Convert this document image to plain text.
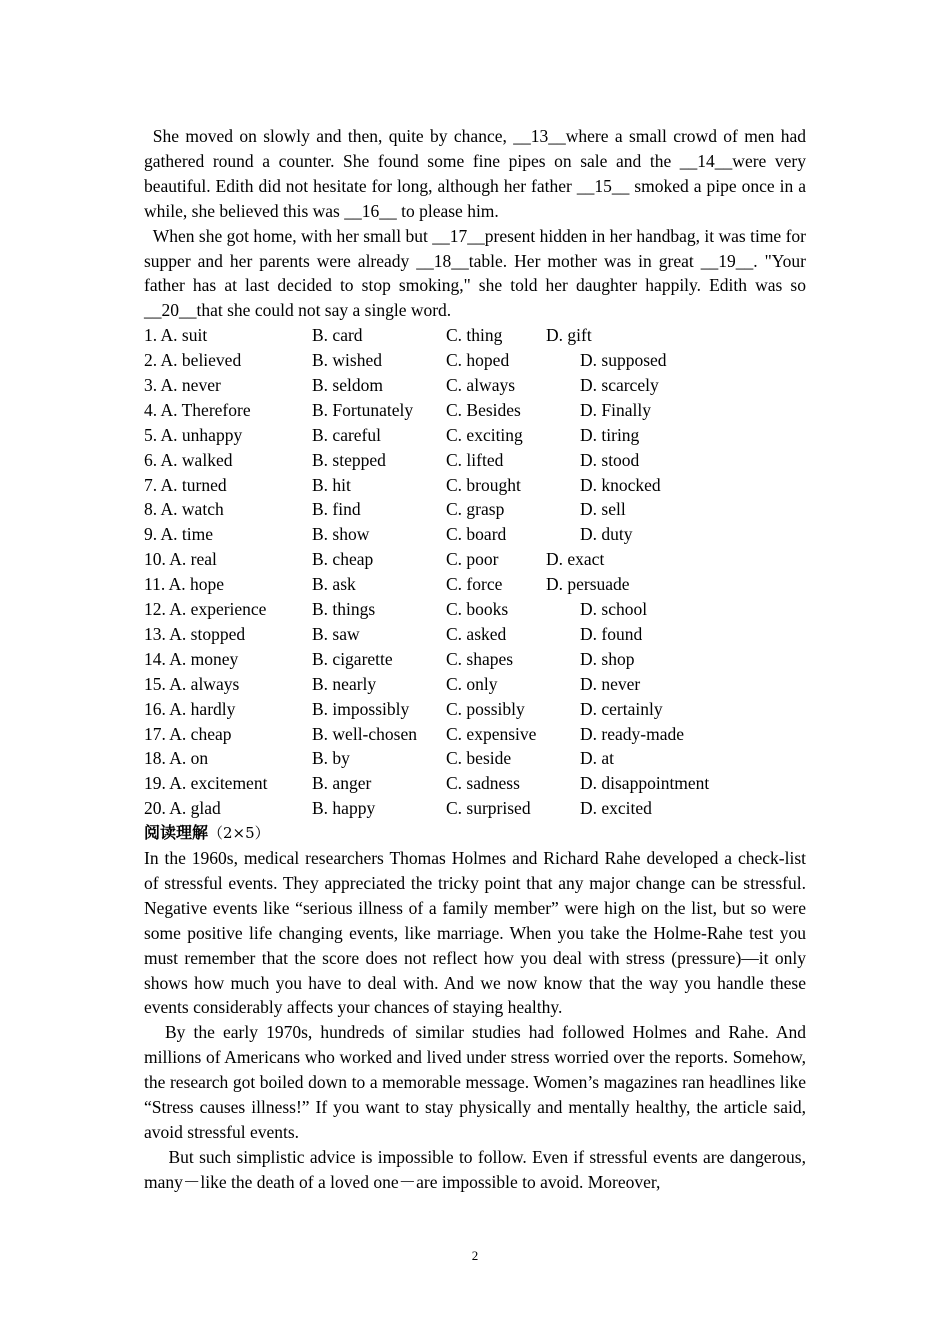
She moved on slowly and then, quite by chance, __13__where a small crowd of men had gathered round a counter. She found some fine pipes on sale and the __14__were very beautiful. Edith did not hesitate for long, although her father __15__ smoked a pipe once in a while, she believed this was __16__ to please him.

When she got home, with her small but __17__present hidden in her handbag, it was time for supper and her parents were already __18__table. Her mother was in great __19__. "Your father has at last decided to stop smoking," she told her daughter happily. Edith was so __20__that she could not say a single word.

1. A. suit	B. card	C. thing D. gift
2. A. believed	B. wished	C. hoped	D. supposed
3. A. never	B. seldom	C. always	D. scarcely
4. A. Therefore	B. Fortunately C. Besides	D. Finally
5. A. unhappy	B. careful	C. exciting	D. tiring
6. A. walked	B. stepped	C. lifted	D. stood
7. A. turned	B. hit	C. brought	D. knocked
8. A. watch	B. find	C. grasp	D. sell
9. A. time	B. show	C. board	D. duty
10. A. real	B. cheap	C. poor	D. exact
11. A. hope	B. ask	C. force D. persuade
12. A. experience	B. things	C. books	D. school
13. A. stopped	B. saw	C. asked	D. found
14. A. money	B. cigarette	C. shapes	D. shop
15. A. always	B. nearly	C. only	D. never
16. A. hardly	B. impossibly C. possibly	D. certainly
17. A. cheap	B. well-chosen C. expensive D. ready-made
18. A. on	B. by	C. beside	D. at
19. A. excitement	B. anger	C. sadness	D. disappointment
20. A. glad	B. happy	C. surprised	D. excited
阅读理解（2×5）

In the 1960s, medical researchers Thomas Holmes and Richard Rahe developed a check-list of stressful events. They appreciated the tricky point that any major change can be stressful. Negative events like “serious illness of a family member” were high on the list, but so were some positive life changing events, like marriage. When you take the Holme-Rahe test you must remember that the score does not reflect how you deal with stress (pressure)—it only shows how much you have to deal with. And we now know that the way you handle these events considerably affects your chances of staying healthy.

By the early 1970s, hundreds of similar studies had followed Holmes and Rahe. And millions of Americans who worked and lived under stress worried over the reports. Somehow, the research got boiled down to a memorable message. Women’s magazines ran headlines like “Stress causes illness!” If you want to stay physically and mentally healthy, the article said, avoid stressful events.

But such simplistic advice is impossible to follow. Even if stressful events are dangerous, many－like the death of a loved one－are impossible to avoid. Moreover,

2
